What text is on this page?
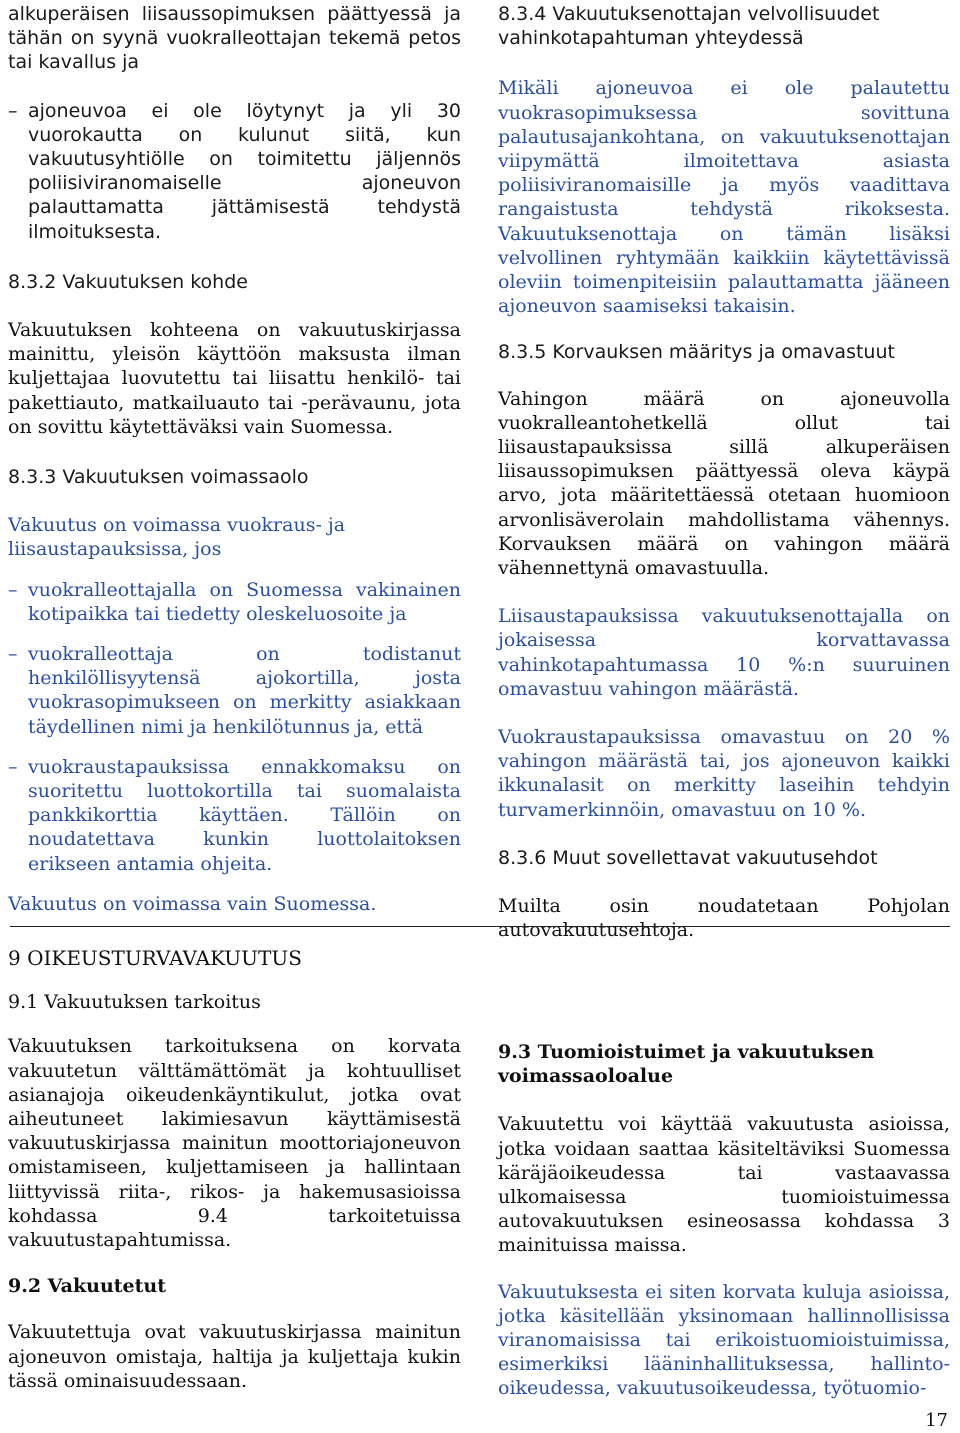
alkuperäisen liisaussopimuksen päättyessä ja tähän on syynä vuokralleottajan tekemä petos tai kavallus ja

– ajoneuvoa ei ole löytynyt ja yli 30 vuorokautta on kulunut siitä, kun vakuutusyhtiölle on toimitettu jäljennös poliisiviranomaiselle ajoneuvon palauttamatta jättämisestä tehdystä ilmoituksesta.

8.3.2 Vakuutuksen kohde

Vakuutuksen kohteena on vakuutuskirjassa mainittu, yleisön käyttöön maksusta ilman kuljettajaa luovutettu tai liisattu henkilö- tai pakettiauto, matkailuauto tai -perävaunu, jota on sovittu käytettäväksi vain Suomessa.

8.3.3 Vakuutuksen voimassaolo

Vakuutus on voimassa vuokraus- ja liisaustapauksissa, jos

– vuokralleottajalla on Suomessa vakinainen kotipaikka tai tiedetty oleskeluosoite ja

– vuokralleottaja on todistanut henkilöllisyytensä ajokortilla, josta vuokrasopimukseen on merkitty asiakkaan täydellinen nimi ja henkilötunnus ja, että

– vuokraustapauksissa ennakkomaksu on suoritettu luottokortilla tai suomalaista pankkikorttia käyttäen. Tällöin on noudatettava kunkin luottolaitoksen erikseen antamia ohjeita.

Vakuutus on voimassa vain Suomessa.

8.3.4 Vakuutuksenottajan velvollisuudet vahinkotapahtuman yhteydessä

Mikäli ajoneuvoa ei ole palautettu vuokrasopimuksessa sovittuna palautusajankohtana, on vakuutuksenottajan viipymättä ilmoitettava asiasta poliisiviranomaisille ja myös vaadittava rangaistusta tehdystä rikoksesta. Vakuutuksenottaja on tämän lisäksi velvollinen ryhtymään kaikkiin käytettävissä oleviin toimenpiteisiin palauttamatta jääneen ajoneuvon saamiseksi takaisin.

8.3.5 Korvauksen määritys ja omavastuut

Vahingon määrä on ajoneuvolla vuokralleantohetkellä ollut tai liisaustapauksissa sillä alkuperäisen liisaussopimuksen päättyessä oleva käypä arvo, jota määritettäessä otetaan huomioon arvonlisäverolain mahdollistama vähennys. Korvauksen määrä on vahingon määrä vähennettynä omavastuulla.

Liisaustapauksissa vakuutuksenottajalla on jokaisessa korvattavassa vahinkotapahtumassa 10 %:n suuruinen omavastuu vahingon määrästä.

Vuokraustapauksissa omavastuu on 20 % vahingon määrästä tai, jos ajoneuvon kaikki ikkunalasit on merkitty laseihin tehdyin turvamerkinnöin, omavastuu on 10 %.

8.3.6 Muut sovellettavat vakuutusehdot

Muilta osin noudatetaan Pohjolan autovakuutusehtoja.

9 OIKEUSTURVAVAKUUTUS

9.1 Vakuutuksen tarkoitus

Vakuutuksen tarkoituksena on korvata vakuutetun välttämättömät ja kohtuulliset asianajoja oikeudenkäyntikulut, jotka ovat aiheutuneet lakimiesavun käyttämisestä vakuutuskirjassa mainitun moottoriajoneuvon omistamiseen, kuljettamiseen ja hallintaan liittyvissä riita-, rikos- ja hakemusasioissa kohdassa 9.4 tarkoitetuissa vakuutustapahtumissa.

9.2 Vakuutetut

Vakuutettuja ovat vakuutuskirjassa mainitun ajoneuvon omistaja, haltija ja kuljettaja kukin tässä ominaisuudessaan.

9.3 Tuomioistuimet ja vakuutuksen voimassaoloalue

Vakuutettu voi käyttää vakuutusta asioissa, jotka voidaan saattaa käsiteltäviksi Suomessa käräjäoikeudessa tai vastaavassa ulkomaisessa tuomioistuimessa autovakuutuksen esineosassa kohdassa 3 mainituissa maissa.

Vakuutuksesta ei siten korvata kuluja asioissa, jotka käsitellään yksinomaan hallinnollisissa viranomaisissa tai erikoistuomioistuimissa, esimerkiksi lääninhallituksessa, hallinto-oikeudessa, vakuutusoikeudessa, työtuomio-

17
